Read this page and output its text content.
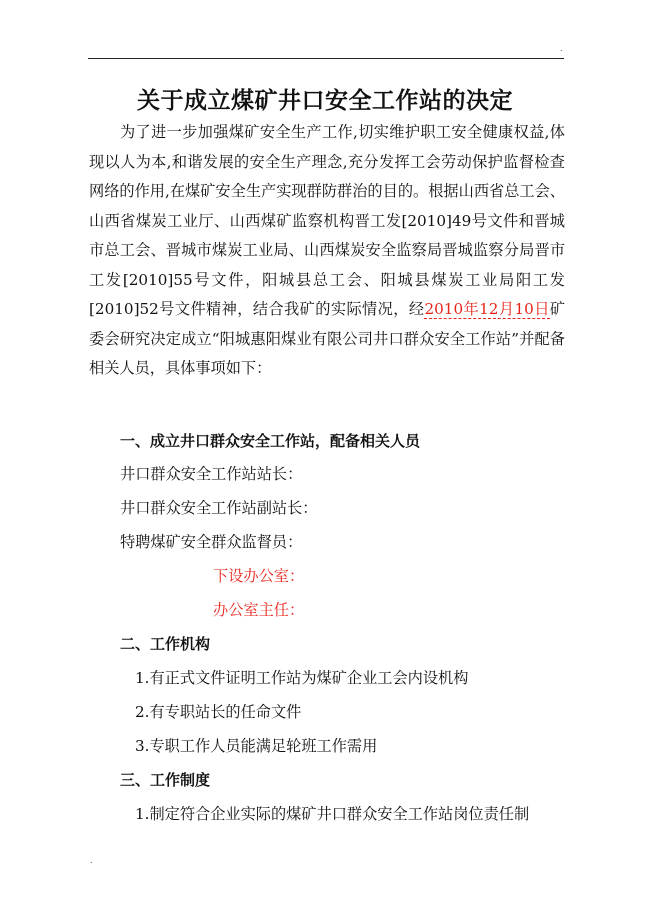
.
关于成立煤矿井口安全工作站的决定

为了进一步加强煤矿安全生产工作,切实维护职工安全健康权益,体现以人为本,和谐发展的安全生产理念,充分发挥工会劳动保护监督检查网络的作用,在煤矿安全生产实现群防群治的目的。根据山西省总工会、山西省煤炭工业厅、山西煤矿监察机构晋工发[2010]49号文件和晋城市总工会、晋城市煤炭工业局、山西煤炭安全监察局晋城监察分局晋市工发[2010]55号文件，阳城县总工会、阳城县煤炭工业局阳工发[2010]52号文件精神，结合我矿的实际情况，经2010年12月10日矿委会研究决定成立“阳城惠阳煤业有限公司井口群众安全工作站”并配备相关人员，具体事项如下：

一、成立井口群众安全工作站，配备相关人员
井口群众安全工作站站长：
井口群众安全工作站副站长：
特聘煤矿安全群众监督员：
下设办公室：
办公室主任：
二、工作机构
1.有正式文件证明工作站为煤矿企业工会内设机构
2.有专职站长的任命文件
3.专职工作人员能满足轮班工作需用
三、工作制度
1.制定符合企业实际的煤矿井口群众安全工作站岗位责任制
.
